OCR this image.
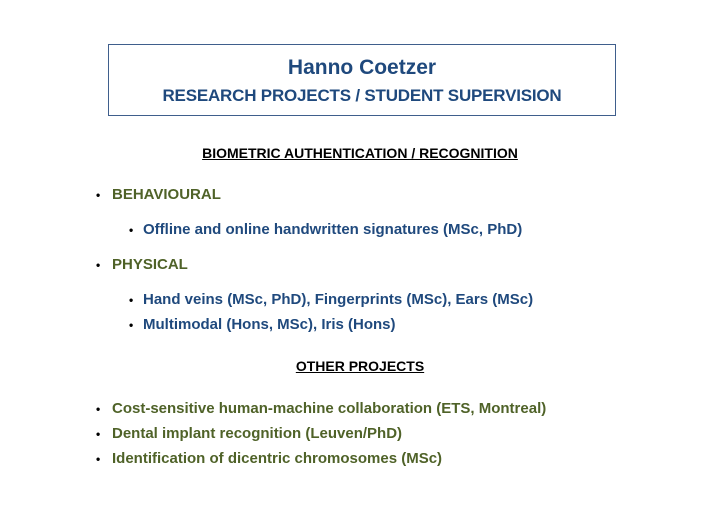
Hanno Coetzer
RESEARCH PROJECTS / STUDENT SUPERVISION
BIOMETRIC AUTHENTICATION / RECOGNITION
• BEHAVIOURAL
• Offline and online handwritten signatures (MSc, PhD)
• PHYSICAL
• Hand veins (MSc, PhD), Fingerprints (MSc), Ears (MSc)
• Multimodal (Hons, MSc), Iris (Hons)
OTHER PROJECTS
• Cost-sensitive human-machine collaboration (ETS, Montreal)
• Dental implant recognition (Leuven/PhD)
• Identification of dicentric chromosomes (MSc)
